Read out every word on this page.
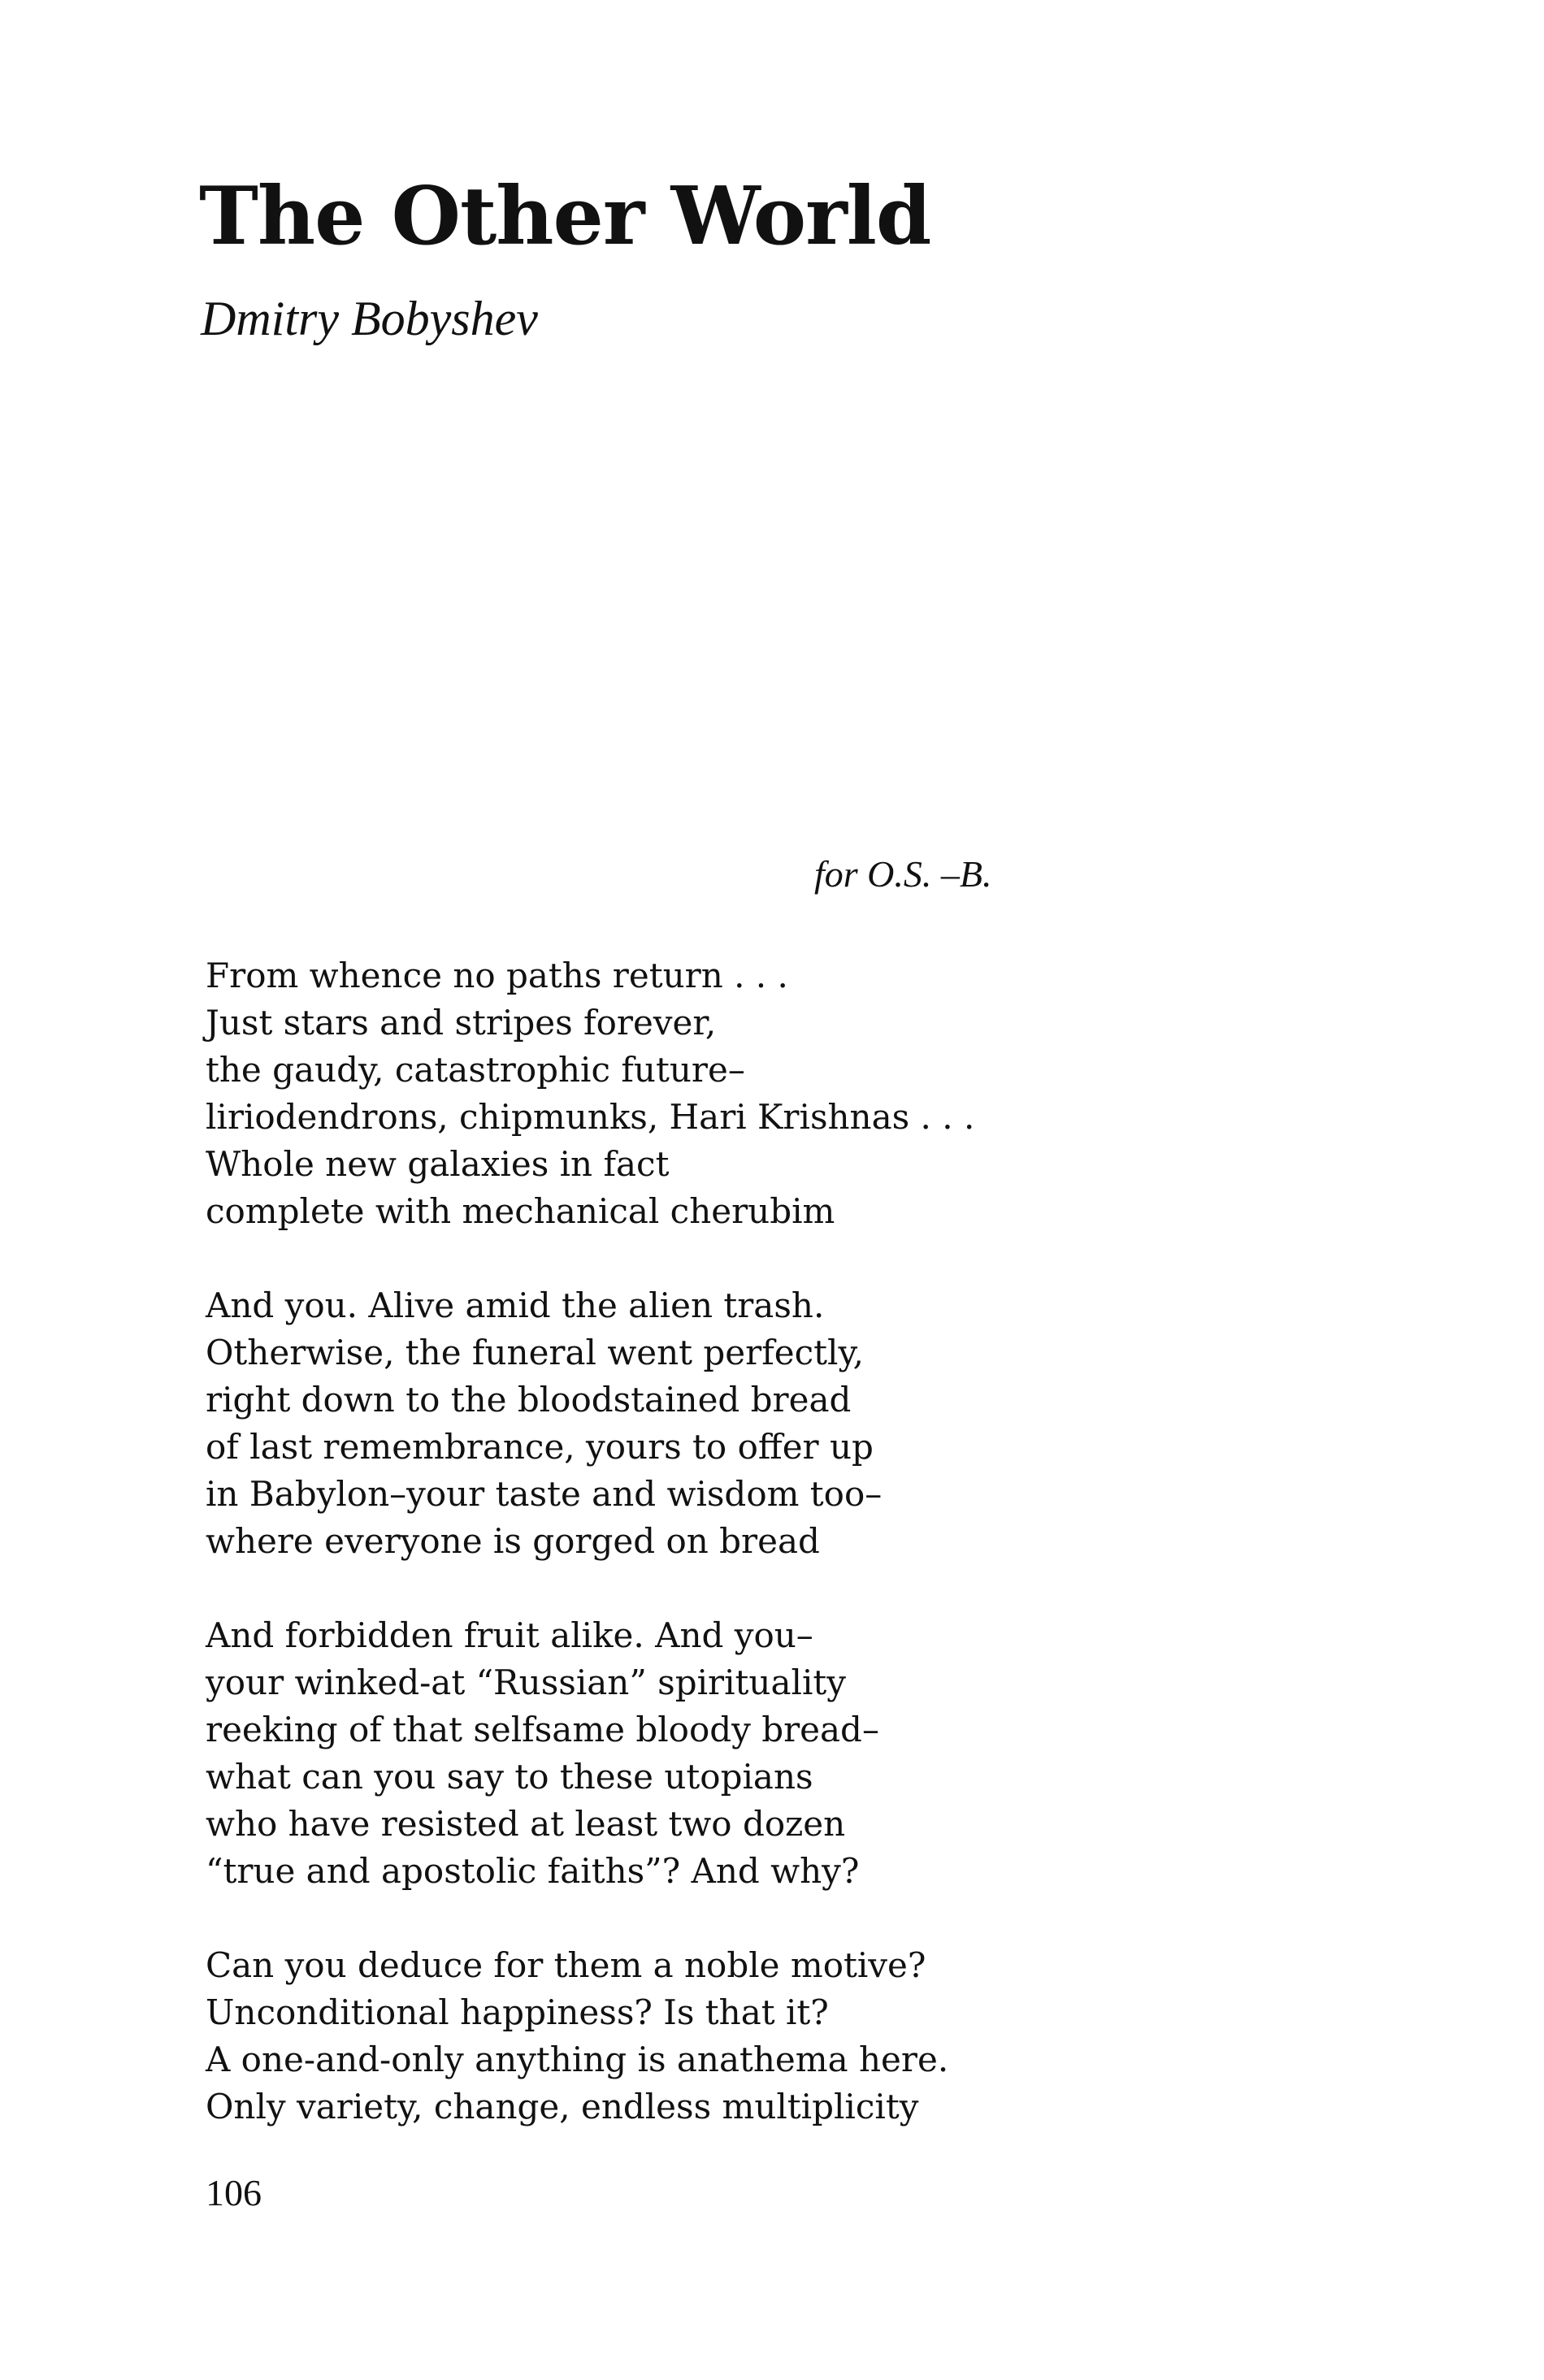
The Other World

Dmitry Bobyshev

for O.S. –B.

From whence no paths return . . .
Just stars and stripes forever,
the gaudy, catastrophic future–
liriodendrons, chipmunks, Hari Krishnas . . .
Whole new galaxies in fact
complete with mechanical cherubim
And you. Alive amid the alien trash.
Otherwise, the funeral went perfectly,
right down to the bloodstained bread
of last remembrance, yours to offer up
in Babylon–your taste and wisdom too–
where everyone is gorged on bread
And forbidden fruit alike. And you–
your winked-at “Russian” spirituality
reeking of that selfsame bloody bread–
what can you say to these utopians
who have resisted at least two dozen
“true and apostolic faiths”? And why?
Can you deduce for them a noble motive?
Unconditional happiness? Is that it?
A one-and-only anything is anathema here.
Only variety, change, endless multiplicity

106
